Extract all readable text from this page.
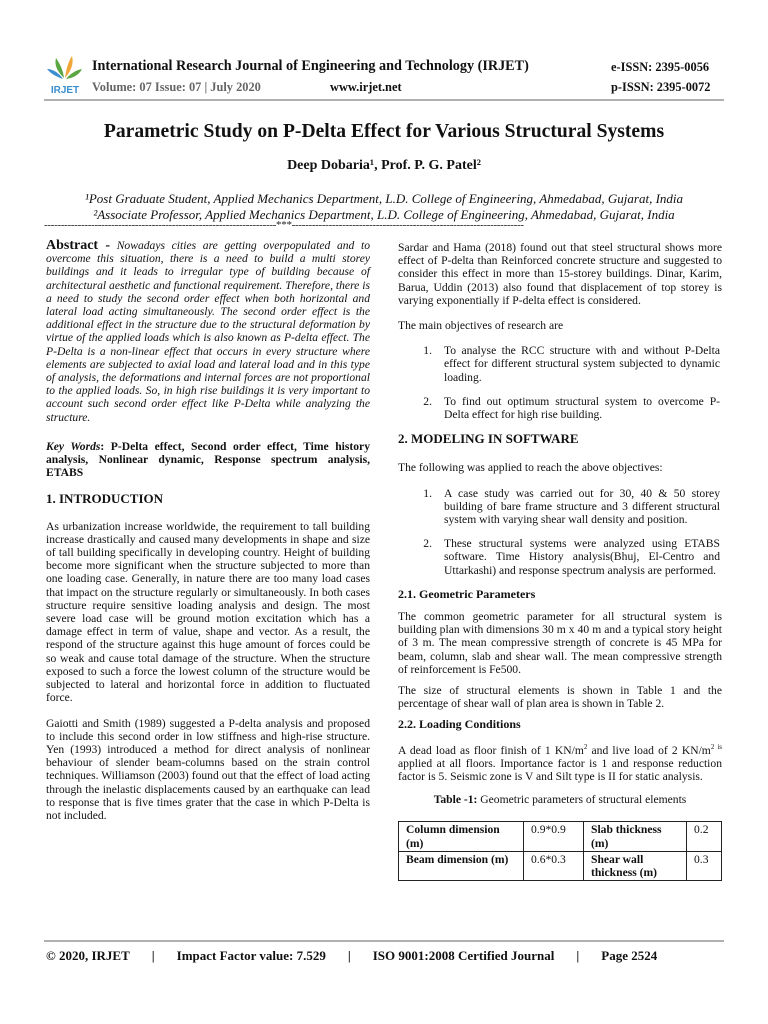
IRJET
International Research Journal of Engineering and Technology (IRJET)
Volume: 07 Issue: 07 | July 2020	www.irjet.net
e-ISSN: 2395-0056
p-ISSN: 2395-0072
Parametric Study on P-Delta Effect for Various Structural Systems
Deep Dobaria¹, Prof. P. G. Patel²
¹Post Graduate Student, Applied Mechanics Department, L.D. College of Engineering, Ahmedabad, Gujarat, India
²Associate Professor, Applied Mechanics Department, L.D. College of Engineering, Ahmedabad, Gujarat, India
---------------------------------------------------------------------***---------------------------------------------------------------------

Abstract - Nowadays cities are getting overpopulated and to overcome this situation, there is a need to build a multi storey buildings and it leads to irregular type of building because of architectural aesthetic and functional requirement. Therefore, there is a need to study the second order effect when both horizontal and lateral load acting simultaneously. The second order effect is the additional effect in the structure due to the structural deformation by virtue of the applied loads which is also known as P-delta effect. The P-Delta is a non-linear effect that occurs in every structure where elements are subjected to axial load and lateral load and in this type of analysis, the deformations and internal forces are not proportional to the applied loads. So, in high rise buildings it is very important to account such second order effect like P-Delta while analyzing the structure.

Key Words: P-Delta effect, Second order effect, Time history analysis, Nonlinear dynamic, Response spectrum analysis, ETABS

1. INTRODUCTION

As urbanization increase worldwide, the requirement to tall building increase drastically and caused many developments in shape and size of tall building specifically in developing country. Height of building become more significant when the structure subjected to more than one loading case. Generally, in nature there are too many load cases that impact on the structure regularly or simultaneously. In both cases structure require sensitive loading analysis and design. The most severe load case will be ground motion excitation which has a damage effect in term of value, shape and vector. As a result, the respond of the structure against this huge amount of forces could be so weak and cause total damage of the structure. When the structure exposed to such a force the lowest column of the structure would be subjected to lateral and horizontal force in addition to fluctuated force.

Gaiotti and Smith (1989) suggested a P-delta analysis and proposed to include this second order in low stiffness and high-rise structure. Yen (1993) introduced a method for direct analysis of nonlinear behaviour of slender beam-columns based on the strain control techniques. Williamson (2003) found out that the effect of load acting through the inelastic displacements caused by an earthquake can lead to response that is five times grater that the case in which P-Delta is not included.

Sardar and Hama (2018) found out that steel structural shows more effect of P-delta than Reinforced concrete structure and suggested to consider this effect in more than 15-storey buildings. Dinar, Karim, Barua, Uddin (2013) also found that displacement of top storey is varying exponentially if P-delta effect is considered.

The main objectives of research are

1.	To analyse the RCC structure with and without P-Delta effect for different structural system subjected to dynamic loading.
2.	To find out optimum structural system to overcome P-Delta effect for high rise building.
2. MODELING IN SOFTWARE

The following was applied to reach the above objectives:

1.	A case study was carried out for 30, 40 & 50 storey building of bare frame structure and 3 different structural system with varying shear wall density and position.
2.	These structural systems were analyzed using ETABS software. Time History analysis(Bhuj, El-Centro and Uttarkashi) and response spectrum analysis are performed.
2.1. Geometric Parameters

The common geometric parameter for all structural system is building plan with dimensions 30 m x 40 m and a typical story height of 3 m. The mean compressive strength of concrete is 45 MPa for beam, column, slab and shear wall. The mean compressive strength of reinforcement is Fe500.

The size of structural elements is shown in Table 1 and the percentage of shear wall of plan area is shown in Table 2.

2.2. Loading Conditions

A dead load as floor finish of 1 $KN/m^2$ and live load of 2 $KN/m^{2 is}$ applied at all floors. Importance factor is 1 and response reduction factor is 5. Seismic zone is V and Silt type is II for static analysis.

Table -1: Geometric parameters of structural elements

Column dimension (m)	0.9*0.9	Slab thickness (m)	0.2
Beam dimension (m)	0.6*0.3	Shear wall thickness (m)	0.3
© 2020, IRJET | Impact Factor value: 7.529 | ISO 9001:2008 Certified Journal | Page 2524
